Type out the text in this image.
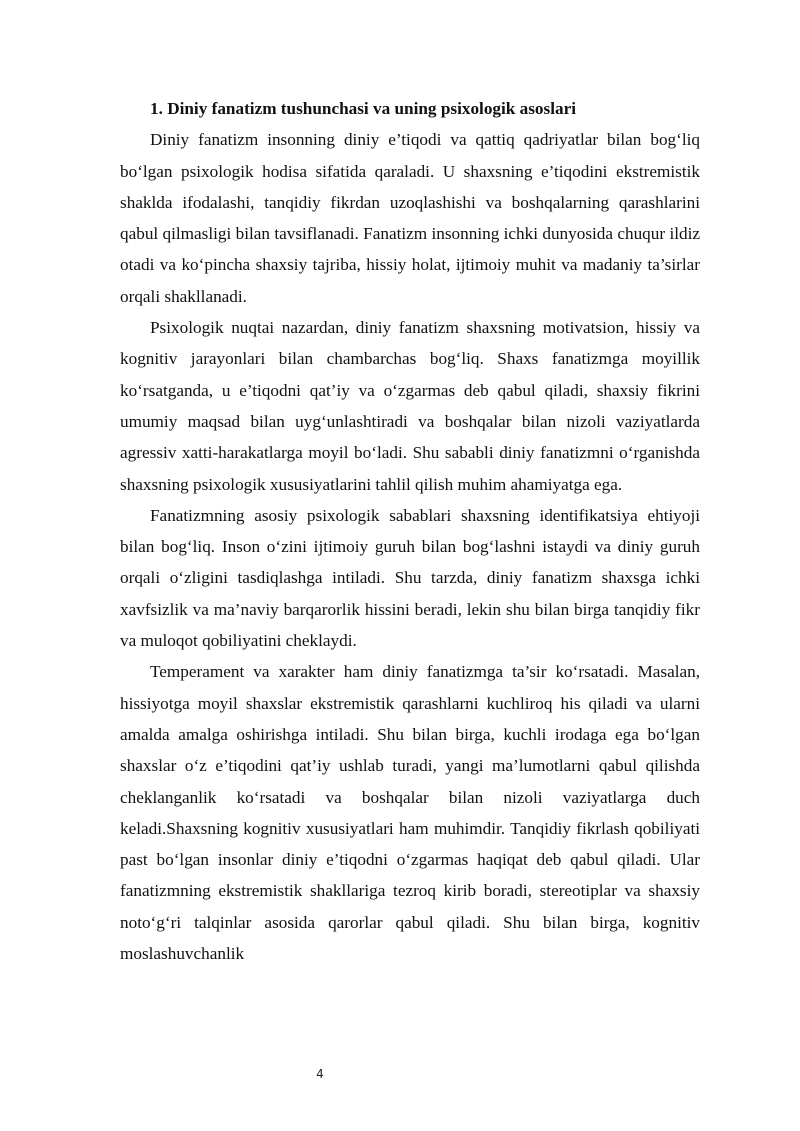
1. Diniy fanatizm tushunchasi va uning psixologik asoslari

Diniy fanatizm insonning diniy e’tiqodi va qattiq qadriyatlar bilan bog‘liq bo‘lgan psixologik hodisa sifatida qaraladi. U shaxsning e’tiqodini ekstremistik shaklda ifodalashi, tanqidiy fikrdan uzoqlashishi va boshqalarning qarashlarini qabul qilmasligi bilan tavsiflanadi. Fanatizm insonning ichki dunyosida chuqur ildiz otadi va ko‘pincha shaxsiy tajriba, hissiy holat, ijtimoiy muhit va madaniy ta’sirlar orqali shakllanadi.

Psixologik nuqtai nazardan, diniy fanatizm shaxsning motivatsion, hissiy va kognitiv jarayonlari bilan chambarchas bog‘liq. Shaxs fanatizmga moyillik ko‘rsatganda, u e’tiqodni qat’iy va o‘zgarmas deb qabul qiladi, shaxsiy fikrini umumiy maqsad bilan uyg‘unlashtiradi va boshqalar bilan nizoli vaziyatlarda agressiv xatti-harakatlarga moyil bo‘ladi. Shu sababli diniy fanatizmni o‘rganishda shaxsning psixologik xususiyatlarini tahlil qilish muhim ahamiyatga ega.

Fanatizmning asosiy psixologik sabablari shaxsning identifikatsiya ehtiyoji bilan bog‘liq. Inson o‘zini ijtimoiy guruh bilan bog‘lashni istaydi va diniy guruh orqali o‘zligini tasdiqlashga intiladi. Shu tarzda, diniy fanatizm shaxsga ichki xavfsizlik va ma’naviy barqarorlik hissini beradi, lekin shu bilan birga tanqidiy fikr va muloqot qobiliyatini cheklaydi.

Temperament va xarakter ham diniy fanatizmga ta’sir ko‘rsatadi. Masalan, hissiyotga moyil shaxslar ekstremistik qarashlarni kuchliroq his qiladi va ularni amalda amalga oshirishga intiladi. Shu bilan birga, kuchli irodaga ega bo‘lgan shaxslar o‘z e’tiqodini qat’iy ushlab turadi, yangi ma’lumotlarni qabul qilishda cheklanganlik ko‘rsatadi va boshqalar bilan nizoli vaziyatlarga duch keladi.Shaxsning kognitiv xususiyatlari ham muhimdir. Tanqidiy fikrlash qobiliyati past bo‘lgan insonlar diniy e’tiqodni o‘zgarmas haqiqat deb qabul qiladi. Ular fanatizmning ekstremistik shakllariga tezroq kirib boradi, stereotiplar va shaxsiy noto‘g‘ri talqinlar asosida qarorlar qabul qiladi. Shu bilan birga, kognitiv moslashuvchanlik

4
